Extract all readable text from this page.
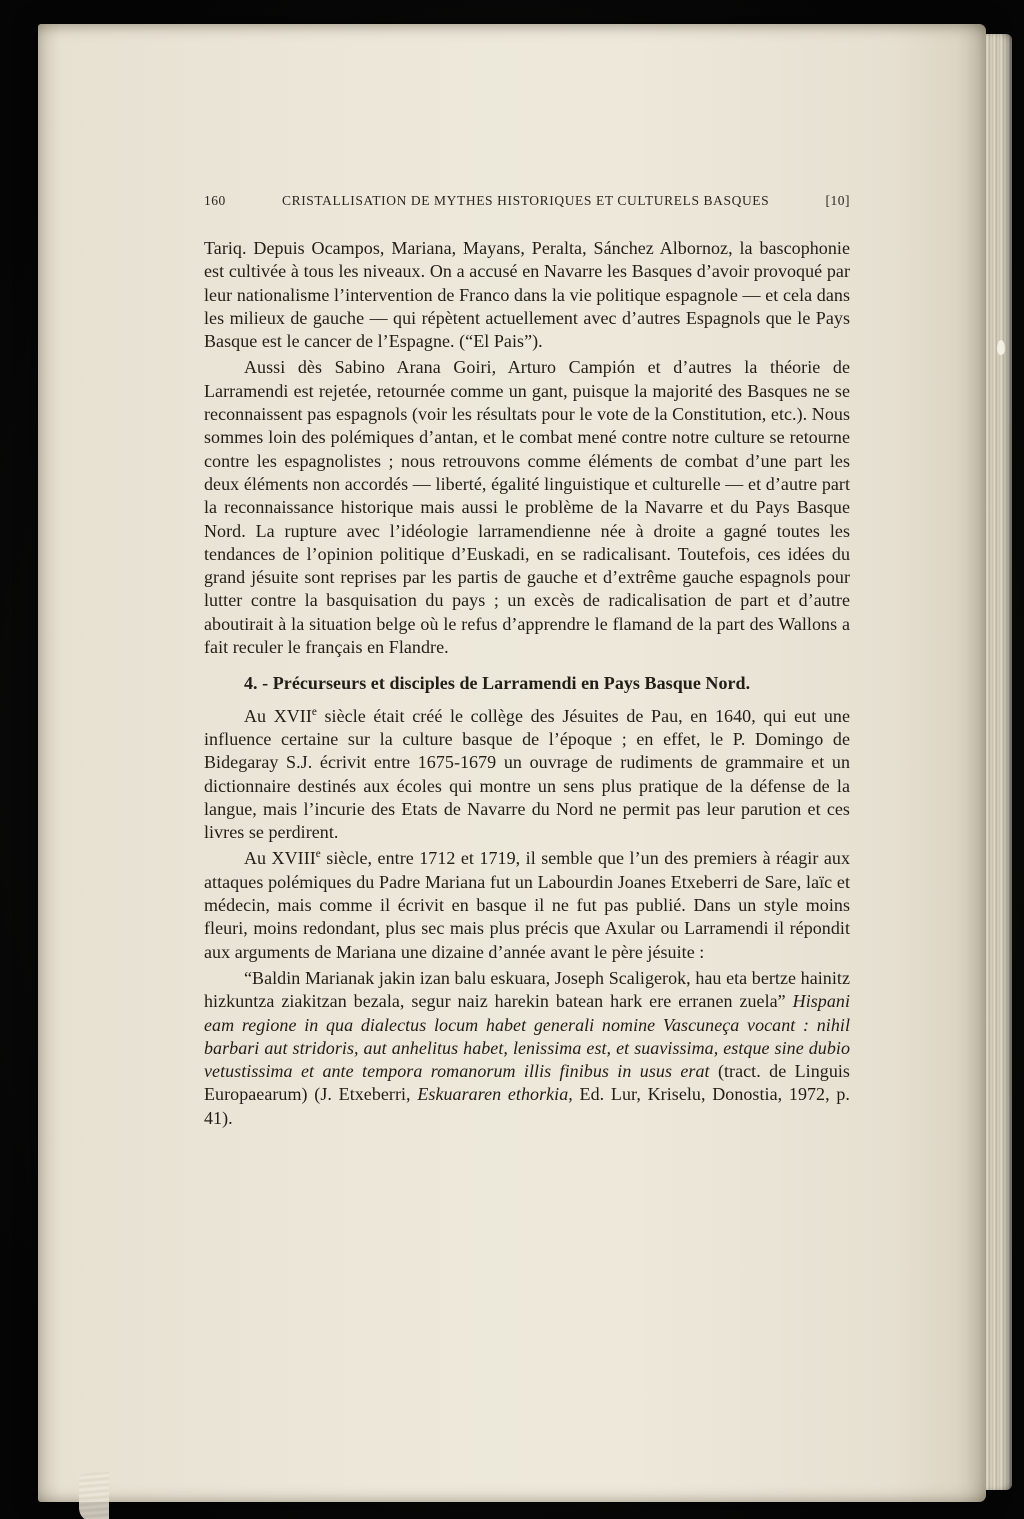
160	CRISTALLISATION DE MYTHES HISTORIQUES ET CULTURELS BASQUES	[10]

Tariq. Depuis Ocampos, Mariana, Mayans, Peralta, Sánchez Albornoz, la bascophonie est cultivée à tous les niveaux. On a accusé en Navarre les Basques d’avoir provoqué par leur nationalisme l’intervention de Franco dans la vie politique espagnole — et cela dans les milieux de gauche — qui répètent actuellement avec d’autres Espagnols que le Pays Basque est le cancer de l’Espagne. (“El Pais”).

Aussi dès Sabino Arana Goiri, Arturo Campión et d’autres la théorie de Larramendi est rejetée, retournée comme un gant, puisque la majorité des Basques ne se reconnaissent pas espagnols (voir les résultats pour le vote de la Constitution, etc.). Nous sommes loin des polémiques d’antan, et le combat mené contre notre culture se retourne contre les espagnolistes ; nous retrouvons comme éléments de combat d’une part les deux éléments non accordés — liberté, égalité linguistique et culturelle — et d’autre part la reconnaissance historique mais aussi le problème de la Navarre et du Pays Basque Nord. La rupture avec l’idéologie larramendienne née à droite a gagné toutes les tendances de l’opinion politique d’Euskadi, en se radicalisant. Toutefois, ces idées du grand jésuite sont reprises par les partis de gauche et d’extrême gauche espagnols pour lutter contre la basquisation du pays ; un excès de radicalisation de part et d’autre aboutirait à la situation belge où le refus d’apprendre le flamand de la part des Wallons a fait reculer le français en Flandre.

4. - Précurseurs et disciples de Larramendi en Pays Basque Nord.

Au XVIIe siècle était créé le collège des Jésuites de Pau, en 1640, qui eut une influence certaine sur la culture basque de l’époque ; en effet, le P. Domingo de Bidegaray S.J. écrivit entre 1675-1679 un ouvrage de rudiments de grammaire et un dictionnaire destinés aux écoles qui montre un sens plus pratique de la défense de la langue, mais l’incurie des Etats de Navarre du Nord ne permit pas leur parution et ces livres se perdirent.

Au XVIIIe siècle, entre 1712 et 1719, il semble que l’un des premiers à réagir aux attaques polémiques du Padre Mariana fut un Labourdin Joanes Etxeberri de Sare, laïc et médecin, mais comme il écrivit en basque il ne fut pas publié. Dans un style moins fleuri, moins redondant, plus sec mais plus précis que Axular ou Larramendi il répondit aux arguments de Mariana une dizaine d’année avant le père jésuite :

“Baldin Marianak jakin izan balu eskuara, Joseph Scaligerok, hau eta bertze hainitz hizkuntza ziakitzan bezala, segur naiz harekin batean hark ere erranen zuela” Hispani eam regione in qua dialectus locum habet generali nomine Vascuneça vocant : nihil barbari aut stridoris, aut anhelitus habet, lenissima est, et suavissima, estque sine dubio vetustissima et ante tempora romanorum illis finibus in usus erat (tract. de Linguis Europaearum) (J. Etxeberri, Eskuararen ethorkia, Ed. Lur, Kriselu, Donostia, 1972, p. 41).
